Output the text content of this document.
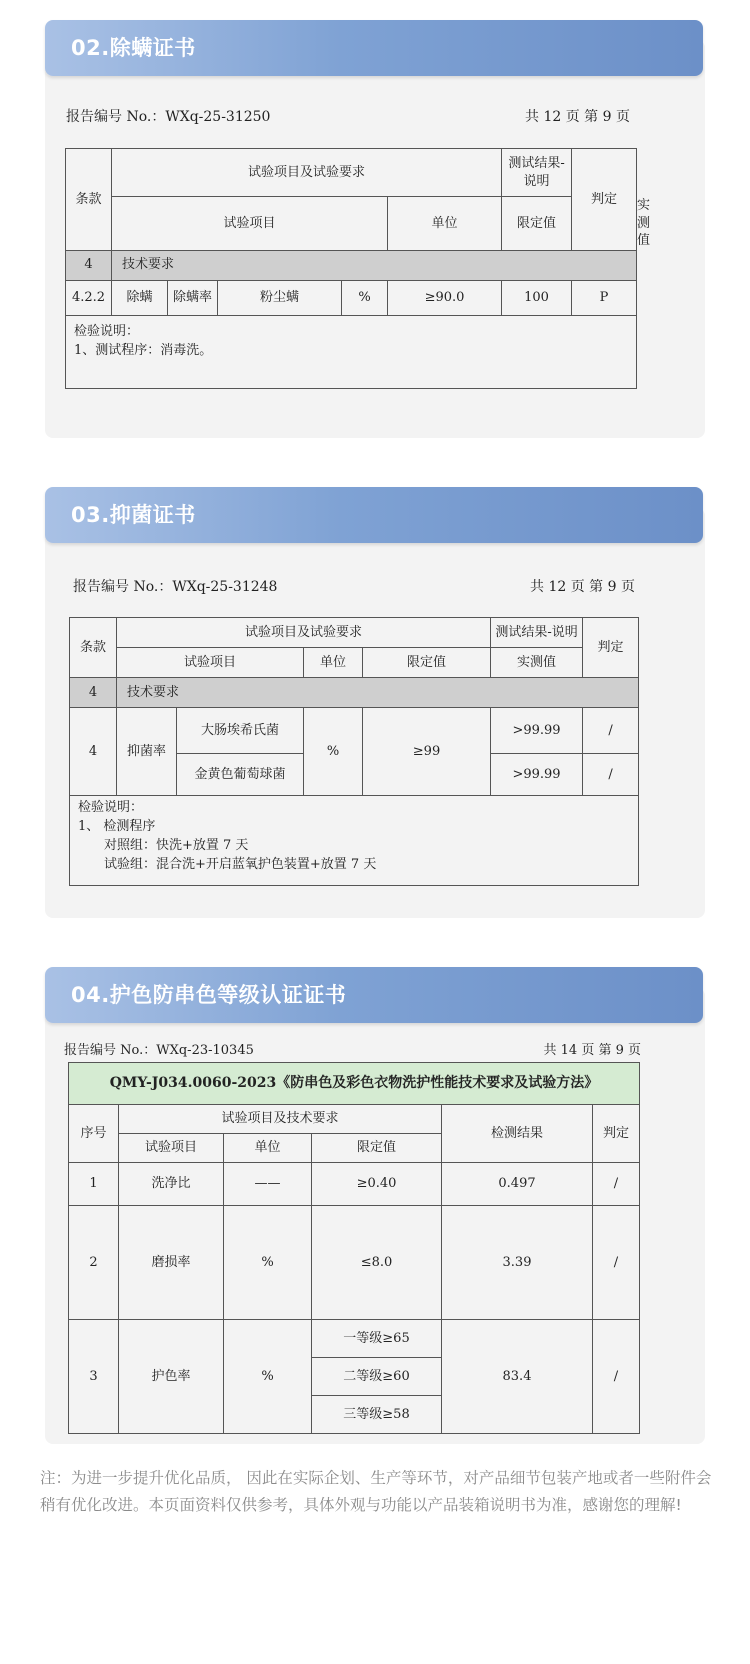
02.除螨证书
报告编号 No.：WXq-25-31250	共 12 页 第 9 页
条款	试验项目及试验要求					测试结果-说明	判定	
	试验项目				单位	限定值	
4	技术要求							
4.2.2	除螨	除螨率	粉尘螨	%	≥90.0	100	P	

检验说明：
1、测试程序：消毒洗。								
03.抑菌证书
报告编号 No.：WXq-25-31248	共 12 页 第 9 页
条款	试验项目及试验要求				测试结果-说明	判定
	试验项目		单位	限定值	实测值	
4	技术要求					
4	抑菌率	大肠埃希氏菌	%	≥99	>99.99	/
		金黄色葡萄球菌			>99.99	/

检验说明：
1、 检测程序
对照组：快洗+放置 7 天
试验组：混合洗+开启蓝氧护色装置+放置 7 天						
04.护色防串色等级认证证书
报告编号 No.：WXq-23-10345	共 14 页 第 9 页
QMY-J034.0060-2023《防串色及彩色衣物洗护性能技术要求及试验方法》					
序号	试验项目及技术要求			检测结果	判定
	试验项目	单位	限定值		
1	洗净比	——	≥0.40	0.497	/
2	磨损率	%	≤8.0	3.39	/
3	护色率	%	一等级≥65	83.4	/
			二等级≥60		
			三等级≥58		
注：为进一步提升优化品质， 因此在实际企划、生产等环节，对产品细节包装产地或者一些附件会稍有优化改进。本页面资料仅供参考，具体外观与功能以产品装箱说明书为准，感谢您的理解!
